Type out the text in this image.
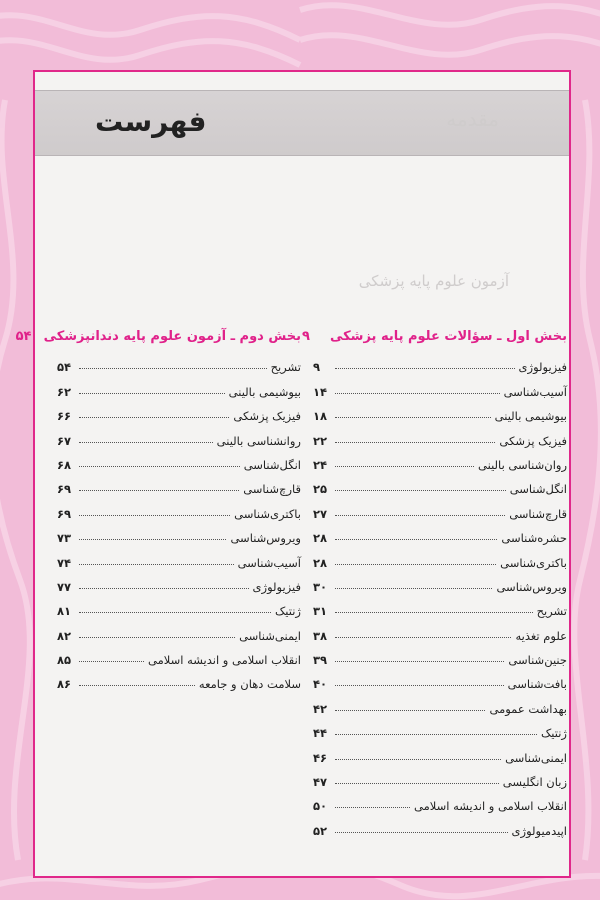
فهرست	مقدمه
آزمون علوم پایه پزشکی
بخش اول ـ سؤالات علوم پایه پزشکی
۹
فیزیولوژی
۹
آسیب‌شناسی
۱۴
بیوشیمی بالینی
۱۸
فیزیک پزشکی
۲۲
روان‌شناسی بالینی
۲۴
انگل‌شناسی
۲۵
قارچ‌شناسی
۲۷
حشره‌شناسی
۲۸
باکتری‌شناسی
۲۸
ویروس‌شناسی
۳۰
تشریح
۳۱
علوم تغذیه
۳۸
جنین‌شناسی
۳۹
بافت‌شناسی
۴۰
بهداشت عمومی
۴۲
ژنتیک
۴۴
ایمنی‌شناسی
۴۶
زبان انگلیسی
۴۷
انقلاب اسلامی و اندیشه اسلامی
۵۰
اپیدمیولوژی
۵۲
بخش دوم ـ آزمون علوم پایه دندانپزشکی
۵۴
تشریح
۵۴
بیوشیمی بالینی
۶۲
فیزیک پزشکی
۶۶
روانشناسی بالینی
۶۷
انگل‌شناسی
۶۸
قارچ‌شناسی
۶۹
باکتری‌شناسی
۶۹
ویروس‌شناسی
۷۳
آسیب‌شناسی
۷۴
فیزیولوژی
۷۷
ژنتیک
۸۱
ایمنی‌شناسی
۸۲
انقلاب اسلامی و اندیشه اسلامی
۸۵
سلامت دهان و جامعه
۸۶
